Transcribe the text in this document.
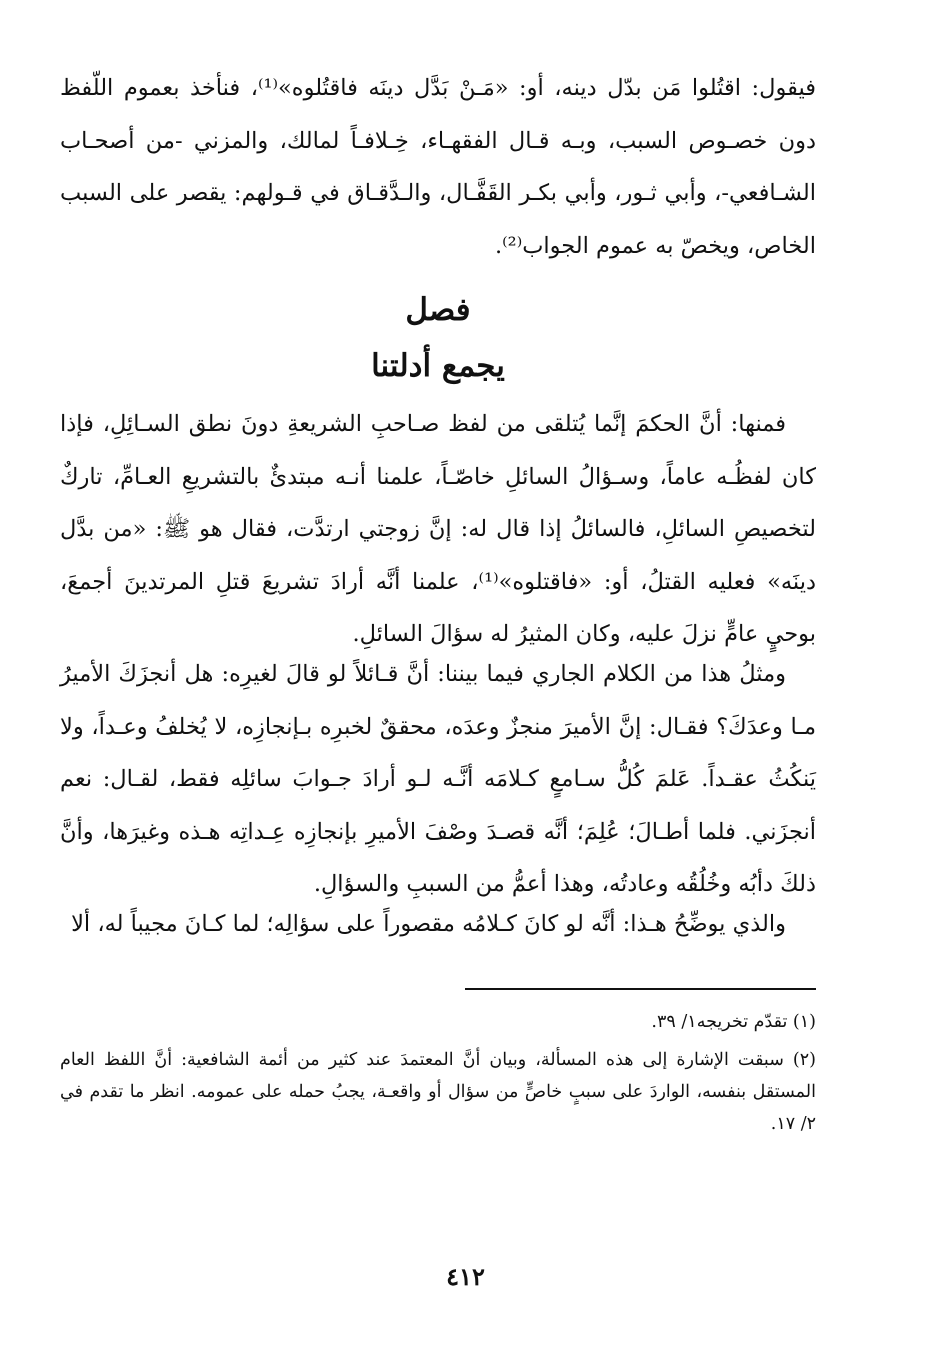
فيقول: اقتُلوا مَن بدّل دينه، أو: «مَـنْ بَدَّل دينَه فاقتُلوه»⁽¹⁾، فنأخذ بعموم اللّفظ دون خصـوص السبب، وبـه قـال الفقهـاء، خِـلافـاً لمالك، والمزني -من أصحـاب الشـافعي-، وأبي ثـور، وأبي بكـر القَفَّـال، والـدَّقـاق في قـولهم: يقصر على السبب الخاص، ويخصّ به عموم الجواب⁽²⁾.

فصل
يجمع أدلتنا

فمنها: أنَّ الحكمَ إنَّما يُتلقى من لفظ صـاحبِ الشريعةِ دونَ نطق السـائِلِ، فإذا كان لفظُـه عاماً، وسـؤالُ السائلِ خاصّـاً، علمنا أنـه مبتدئٌ بالتشريعِ العـامِّ، تاركٌ لتخصيصِ السائلِ، فالسائلُ إذا قال له: إنَّ زوجتي ارتدَّت، فقال هو ﷺ: «من بدَّل دينَه» فعليه القتلُ، أو: «فاقتلوه»⁽¹⁾، علمنا أنَّه أرادَ تشريعَ قتلِ المرتدينَ أجمعَ، بوحيٍ عامٍّ نزلَ عليه، وكان المثيرُ له سؤالَ السائلِ.

ومثلُ هذا من الكلام الجاري فيما بيننا: أنَّ قـائلاً لو قالَ لغيرِه: هل أنجزَكَ الأميرُ مـا وعدَكَ؟ فقـال: إنَّ الأميرَ منجزٌ وعدَه، محققٌ لخبرِه بـإنجازِه، لا يُخلفُ وعـداً، ولا يَنكُثُ عقـداً. عَلمَ كُلُّ سـامعٍ كـلامَه أنَّـه لـو أرادَ جـوابَ سائلِه فقط، لقـال: نعم أنجزَني. فلما أطـالَ؛ عُلِمَ؛ أنَّه قصـدَ وصْفَ الأميرِ بإنجازِه عِـداتِه هـذه وغيرَها، وأنَّ ذلكَ دأبُه وخُلُقُه وعادتُه، وهذا أعمُّ من السببِ والسؤالِ.

والذي يوضِّحُ هـذا: أنَّه لو كانَ كـلامُه مقصوراً على سؤالِه؛ لما كـانَ مجيباً له، ألا

(١) تقدّم تخريجه١/ ٣٩.

(٢) سبقت الإشارة إلى هذه المسألة، وبيان أنَّ المعتمدَ عند كثير من أئمة الشافعية: أنَّ اللفظ العام المستقل بنفسه، الواردَ على سببٍ خاصٍّ من سؤال أو واقعـة، يجبُ حمله على عمومه. انظر ما تقدم في ٢/ ١٧.

٤١٢
